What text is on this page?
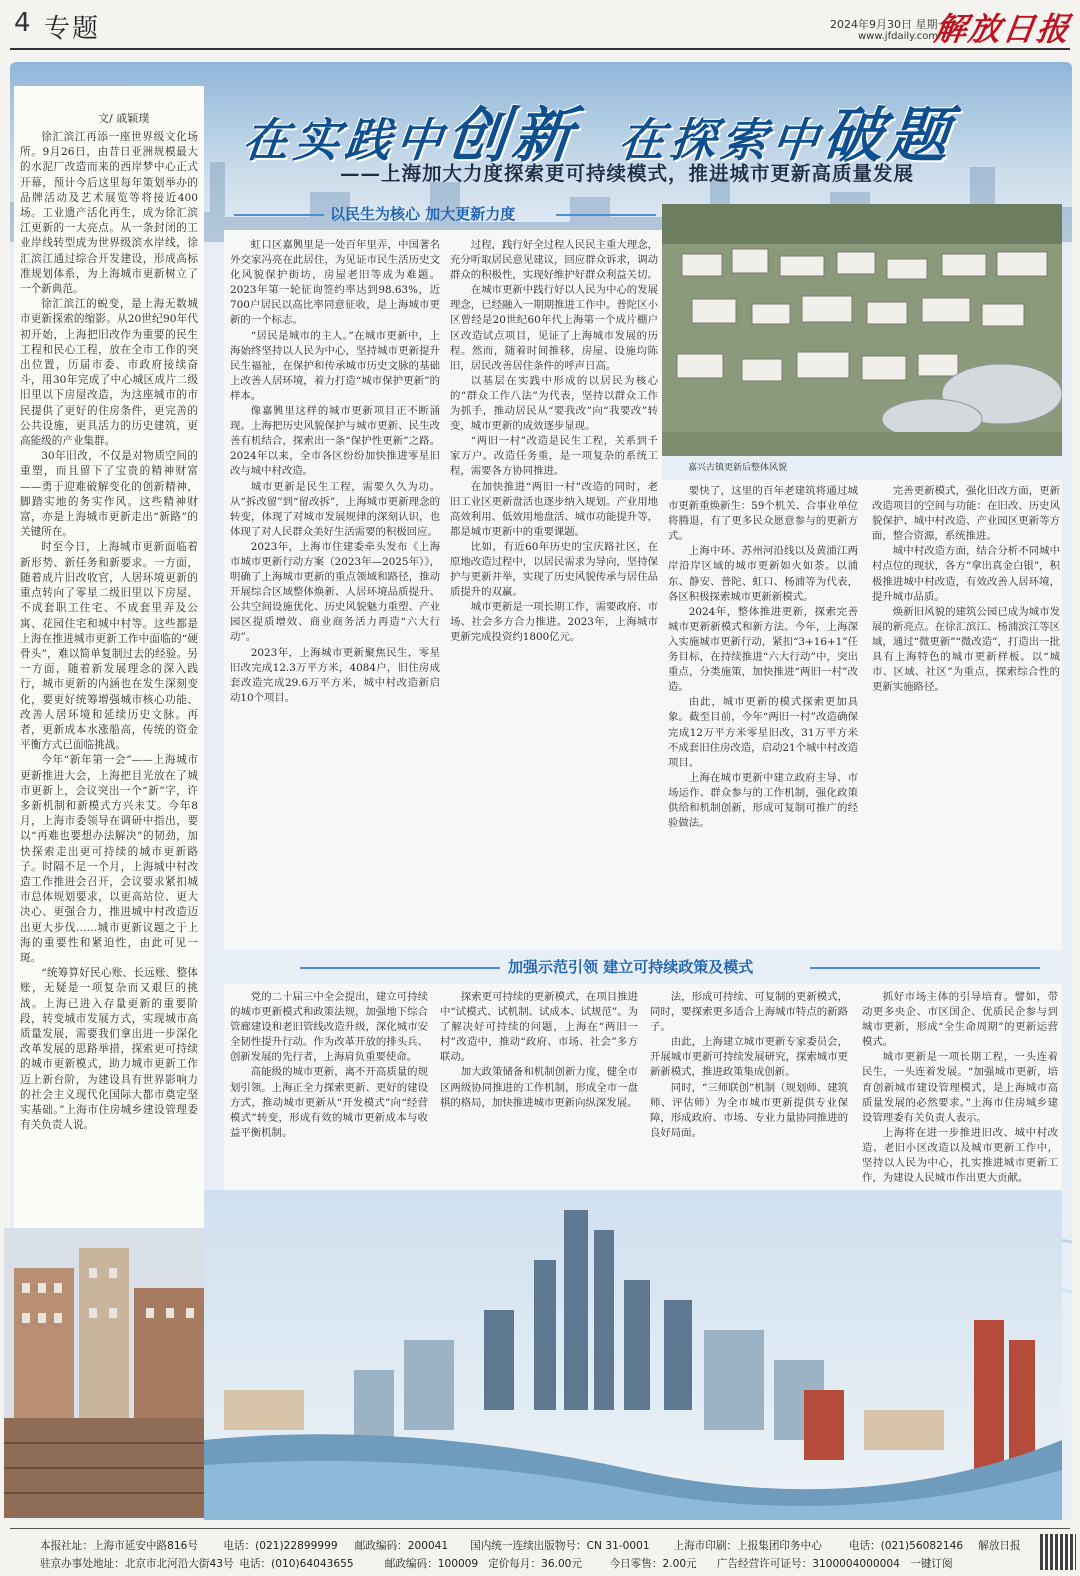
4 专题	2024年9月30日 星期一
www.jfdaily.com
解放日报
文/ 戚颖璞

徐汇滨江再添一座世界级文化场所。9月26日，由昔日亚洲规模最大的水泥厂改造而来的西岸梦中心正式开幕，预计今后这里每年策划举办的品牌活动及艺术展览等将接近400场。工业遗产活化再生，成为徐汇滨江更新的一大亮点。从一条封闭的工业岸线转型成为世界级滨水岸线，徐汇滨江通过综合开发建设，形成高标准规划体系，为上海城市更新树立了一个新典范。

徐汇滨江的蜕变，是上海无数城市更新探索的缩影。从20世纪90年代初开始，上海把旧改作为重要的民生工程和民心工程，放在全市工作的突出位置，历届市委、市政府接续奋斗，用30年完成了中心城区成片二级旧里以下房屋改造，为这座城市的市民提供了更好的住房条件，更完善的公共设施，更具活力的历史建筑，更高能级的产业集群。

30年旧改，不仅是对物质空间的重塑，而且留下了宝贵的精神财富——勇于迎难破解变化的创新精神，脚踏实地的务实作风。这些精神财富，亦是上海城市更新走出“新路”的关键所在。

时至今日，上海城市更新面临着新形势、新任务和新要求。一方面，随着成片旧改收官，人居环境更新的重点转向了零星二级旧里以下房屋、不成套职工住宅、不成套里弄及公寓、花园住宅和城中村等。这些都是上海在推进城市更新工作中面临的“硬骨头”，难以简单复制过去的经验。另一方面，随着新发展理念的深入践行，城市更新的内涵也在发生深刻变化，要更好统筹增强城市核心功能、改善人居环境和延续历史文脉。再者，更新成本水涨船高，传统的资金平衡方式已面临挑战。

今年“新年第一会”——上海城市更新推进大会，上海把目光放在了城市更新上，会议突出一个“新”字，许多新机制和新模式方兴未艾。今年8月，上海市委领导在调研中指出，要以“再难也要想办法解决”的韧劲，加快探索走出更可持续的城市更新路子。时隔不足一个月，上海城中村改造工作推进会召开，会议要求紧扣城市总体规划要求，以更高站位、更大决心、更强合力，推进城中村改造迈出更大步伐……城市更新议题之于上海的重要性和紧迫性，由此可见一斑。

“统筹算好民心账、长远账、整体账，无疑是一项复杂而又艰巨的挑战。上海已进入存量更新的重要阶段，转变城市发展方式，实现城市高质量发展，需要我们拿出进一步深化改革发展的思路举措，探索更可持续的城市更新模式，助力城市更新工作迈上新台阶，为建设具有世界影响力的社会主义现代化国际大都市奠定坚实基础。”上海市住房城乡建设管理委有关负责人说。

在实践中创新 在探索中破题
——上海加大力度探索更可持续模式，推进城市更新高质量发展
以民生为核心 加大更新力度

虹口区嘉興里是一处百年里弄，中国著名外交家冯亮在此居住，为见证市民生活历史文化风貌保护街坊，房屋老旧等成为难题。2023年第一轮征询签约率达到98.63%，近700户居民以高比率同意征收，是上海城市更新的一个标志。

“居民是城市的主人。”在城市更新中，上海始终坚持以人民为中心，坚持城市更新提升民生福祉，在保护和传承城市历史文脉的基础上改善人居环境，着力打造“城市保护更新”的样本。

像嘉興里这样的城市更新项目正不断涌现。上海把历史风貌保护与城市更新、民生改善有机结合，探索出一条“保护性更新”之路。2024年以来，全市各区纷纷加快推进零星旧改与城中村改造。

城市更新是民生工程，需要久久为功。从“拆改留”到“留改拆”，上海城市更新理念的转变，体现了对城市发展规律的深刻认识，也体现了对人民群众美好生活需要的积极回应。

2023年，上海市住建委牵头发布《上海市城市更新行动方案（2023年—2025年）》，明确了上海城市更新的重点领域和路径，推动开展综合区域整体焕新、人居环境品质提升、公共空间设施优化、历史风貌魅力重塑、产业园区提质增效、商业商务活力再造“六大行动”。

2023年，上海城市更新聚焦民生，零星旧改完成12.3万平方米，4084户，旧住房成套改造完成29.6万平方米，城中村改造新启动10个项目。

过程，践行好全过程人民民主重大理念，充分听取居民意见建议，回应群众诉求，调动群众的积极性，实现好维护好群众利益关切。

在城市更新中践行好以人民为中心的发展理念，已经融入一期期推进工作中。普陀区小区曾经是20世纪60年代上海第一个成片棚户区改造试点项目，见证了上海城市发展的历程。然而，随着时间推移，房屋、设施均陈旧，居民改善居住条件的呼声日高。

以基层在实践中形成的以居民为核心的“群众工作八法”为代表，坚持以群众工作为抓手，推动居民从“要我改”向“我要改”转变，城市更新的成效逐步显现。

“两旧一村”改造是民生工程，关系到千家万户。改造任务重，是一项复杂的系统工程，需要各方协同推进。

在加快推进“两旧一村”改造的同时，老旧工业区更新盘活也逐步纳入规划。产业用地高效利用、低效用地盘活、城市功能提升等，都是城市更新中的重要课题。

比如，有近60年历史的宝庆路社区，在原地改造过程中，以居民需求为导向，坚持保护与更新并举，实现了历史风貌传承与居住品质提升的双赢。

城市更新是一项长期工作，需要政府、市场、社会多方合力推进。2023年，上海城市更新完成投资约1800亿元。

嘉兴古镇更新后整体风貌

要快了，这里的百年老建筑将通过城市更新重焕新生：59个机关、合事业单位将腾退，有了更多民众愿意参与的更新方式。

上海中环、苏州河沿线以及黄浦江两岸沿岸区域的城市更新如火如荼。以浦东、静安、普陀、虹口、杨浦等为代表，各区积极探索城市更新新模式。

2024年，整体推进更新，探索完善城市更新新模式和新方法。今年，上海深入实施城市更新行动，紧扣“3+16+1”任务目标，在持续推进“六大行动”中，突出重点，分类施策，加快推进“两旧一村”改造。

由此，城市更新的模式探索更加具象。截至目前，今年“两旧一村”改造确保完成12万平方米零星旧改，31万平方米不成套旧住房改造，启动21个城中村改造项目。

上海在城市更新中建立政府主导、市场运作、群众参与的工作机制，强化政策供给和机制创新，形成可复制可推广的经验做法。

完善更新模式，强化旧改方面，更新改造项目的空间与功能：在旧改、历史风貌保护、城中村改造、产业园区更新等方面，整合资源，系统推进。

城中村改造方面，结合分析不同城中村点位的现状，各方“拿出真金白银”，积极推进城中村改造，有效改善人居环境，提升城市品质。

焕新旧风貌的建筑公园已成为城市发展的新亮点。在徐汇滨江、杨浦滨江等区域，通过“微更新”“微改造”，打造出一批具有上海特色的城市更新样板。以“城市、区域、社区”为重点，探索综合性的更新实施路径。

加强示范引领 建立可持续政策及模式

党的二十届三中全会提出，建立可持续的城市更新模式和政策法规，加强地下综合管廊建设和老旧管线改造升级，深化城市安全韧性提升行动。作为改革开放的排头兵、创新发展的先行者，上海肩负重要使命。

高能级的城市更新，离不开高质量的规划引领。上海正全力探索更新、更好的建设方式，推动城市更新从“开发模式”向“经营模式”转变，形成有效的城市更新成本与收益平衡机制。

探索更可持续的更新模式，在项目推进中“试模式、试机制、试成本、试规范”。为了解决好可持续的问题，上海在“两旧一村”改造中，推动“政府、市场、社会”多方联动。

加大政策储备和机制创新力度，健全市区两级协同推进的工作机制，形成全市一盘棋的格局，加快推进城市更新向纵深发展。

法，形成可持续、可复制的更新模式，同时，要探索更多适合上海城市特点的新路子。

由此，上海建立城市更新专家委员会，开展城市更新可持续发展研究，探索城市更新新模式，推进政策集成创新。

同时，“三师联创”机制（规划师、建筑师、评估师）为全市城市更新提供专业保障，形成政府、市场、专业力量协同推进的良好局面。

抓好市场主体的引导培育。譬如，带动更多央企、市区国企、优质民企参与到城市更新，形成“全生命周期”的更新运营模式。

城市更新是一项长期工程，一头连着民生，一头连着发展。“加强城市更新，培育创新城市建设管理模式，是上海城市高质量发展的必然要求。”上海市住房城乡建设管理委有关负责人表示。

上海将在进一步推进旧改、城中村改造、老旧小区改造以及城市更新工作中，坚持以人民为中心，扎实推进城市更新工作，为建设人民城市作出更大贡献。

本报社址：上海市延安中路816号 电话：(021)22899999 邮政编码：200041 国内统一连续出版物号：CN 31-0001 上海市印刷：上报集团印务中心	电话：(021)56082146 解放日报
驻京办事处地址：北京市北河沿大街43号 电话：(010)64043655	邮政编码：100009 定价每月：36.00元	今日零售：2.00元 广告经营许可证号：3100004000004 一键订阅
